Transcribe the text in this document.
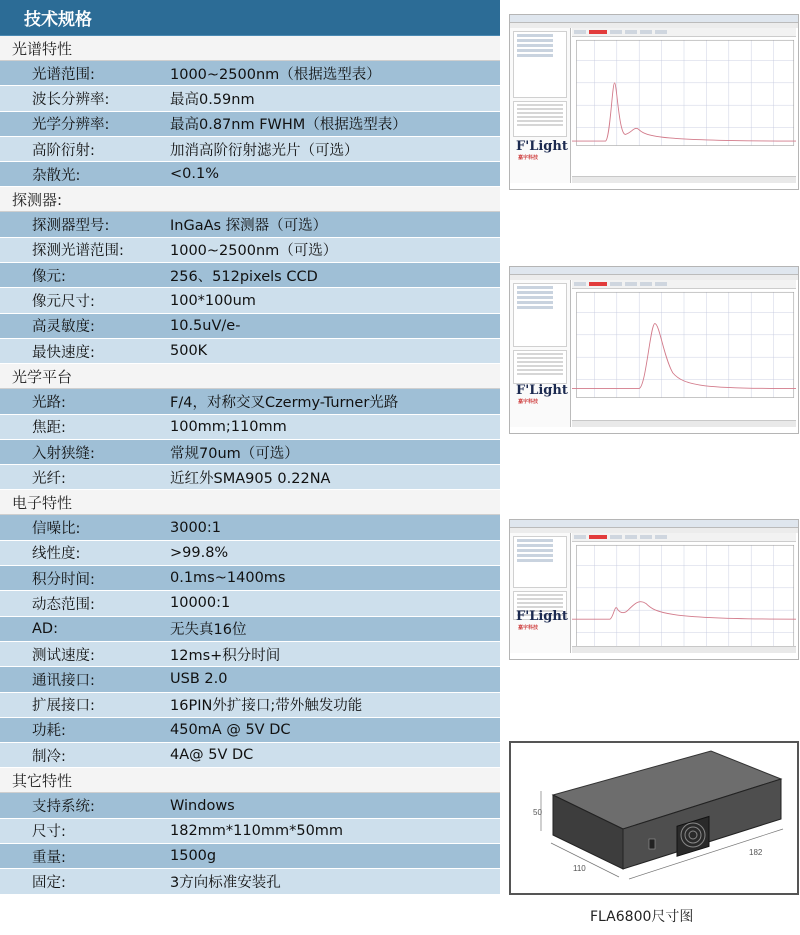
技术规格
光谱特性
光谱范围:	1000~2500nm（根据选型表）
波长分辨率:	最高0.59nm
光学分辨率:	最高0.87nm FWHM（根据选型表）
高阶衍射:	加消高阶衍射滤光片（可选）
杂散光:	<0.1%
探测器:
探测器型号:	InGaAs 探测器（可选）
探测光谱范围:	1000~2500nm（可选）
像元:	256、512pixels CCD
像元尺寸:	100*100um
高灵敏度:	10.5uV/e-
最快速度:	500K
光学平台
光路:	F/4，对称交叉Czermy-Turner光路
焦距:	100mm;110mm
入射狭缝:	常规70um（可选）
光纤:	近红外SMA905 0.22NA
电子特性
信噪比:	3000:1
线性度:	>99.8%
积分时间:	0.1ms~1400ms
动态范围:	10000:1
AD:	无失真16位
测试速度:	12ms+积分时间
通讯接口:	USB 2.0
扩展接口:	16PIN外扩接口;带外触发功能
功耗:	450mA @ 5V DC
制冷:	4A@ 5V DC
其它特性
支持系统:	Windows
尺寸:	182mm*110mm*50mm
重量:	1500g
固定:	3方向标准安装孔
F'Light$^{嘉宇科技}$
F'Light$^{嘉宇科技}$
F'Light$^{嘉宇科技}$
50
110
182
FLA6800尺寸图
